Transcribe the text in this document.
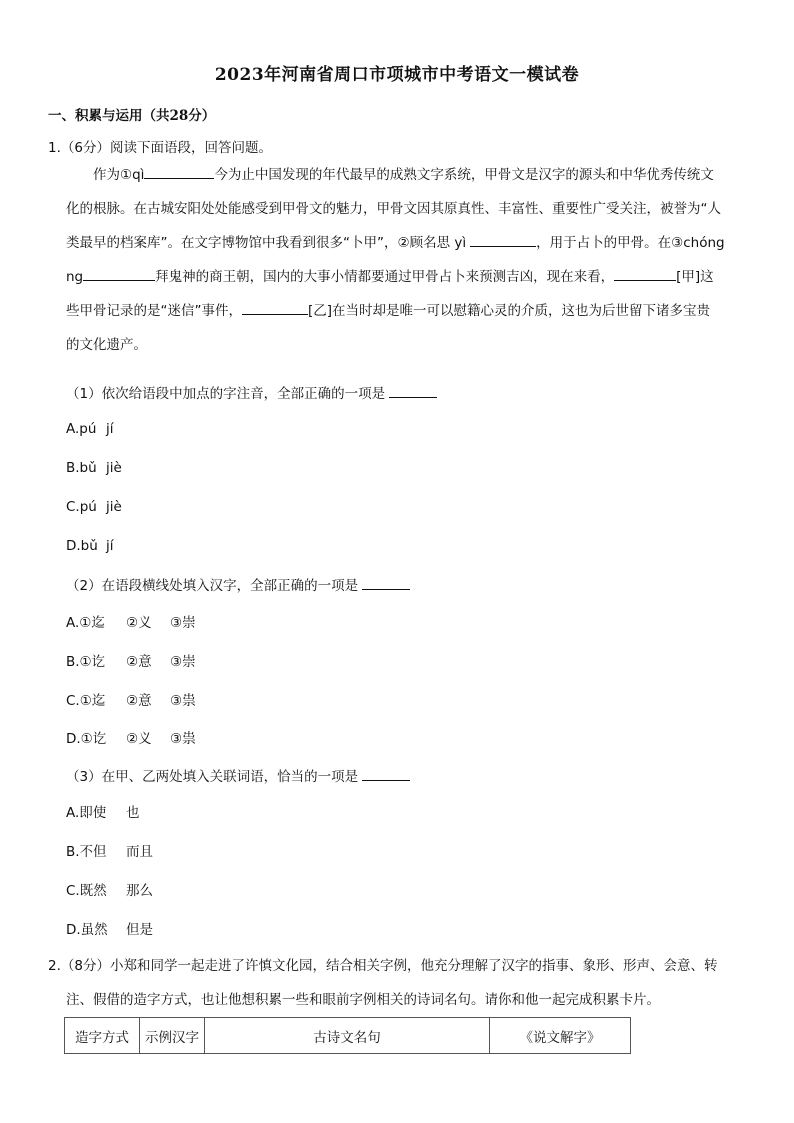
2023年河南省周口市项城市中考语文一模试卷
一、积累与运用（共28分）
1.（6分）阅读下面语段，回答问题。
作为①qì	今为止中国发现的年代最早的成熟文字系统，甲骨文是汉字的源头和中华优秀传统文
化的根脉。在古城安阳处处能感受到甲骨文的魅力，甲骨文因其原真性、丰富性、重要性广受关注，被誉为“人
类最早的档案库”。在文字博物馆中我看到很多“卜甲”，②顾名思 yì	，用于占卜的甲骨。在③chóng
ng	拜鬼神的商王朝，国内的大事小情都要通过甲骨占卜来预测吉凶，现在来看，	[甲]这
些甲骨记录的是“迷信”事件，	[乙]在当时却是唯一可以慰籍心灵的介质，这也为后世留下诸多宝贵
的文化遗产。
（1）依次给语段中加点的字注音，全部正确的一项是
A.pú jí
B.bǔ jiè
C.pú jiè
D.bǔ jí
（2）在语段横线处填入汉字，全部正确的一项是
A.①迄 ②义 ③崇
B.①讫 ②意 ③崇
C.①迄 ②意 ③祟
D.①讫 ②义 ③祟
（3）在甲、乙两处填入关联词语，恰当的一项是
A.即使 也
B.不但 而且
C.既然 那么
D.虽然 但是
2.（8分）小郑和同学一起走进了许慎文化园，结合相关字例，他充分理解了汉字的指事、象形、形声、会意、转
注、假借的造字方式，也让他想积累一些和眼前字例相关的诗词名句。请你和他一起完成积累卡片。
造字方式	示例汉字	古诗文名句	《说文解字》
